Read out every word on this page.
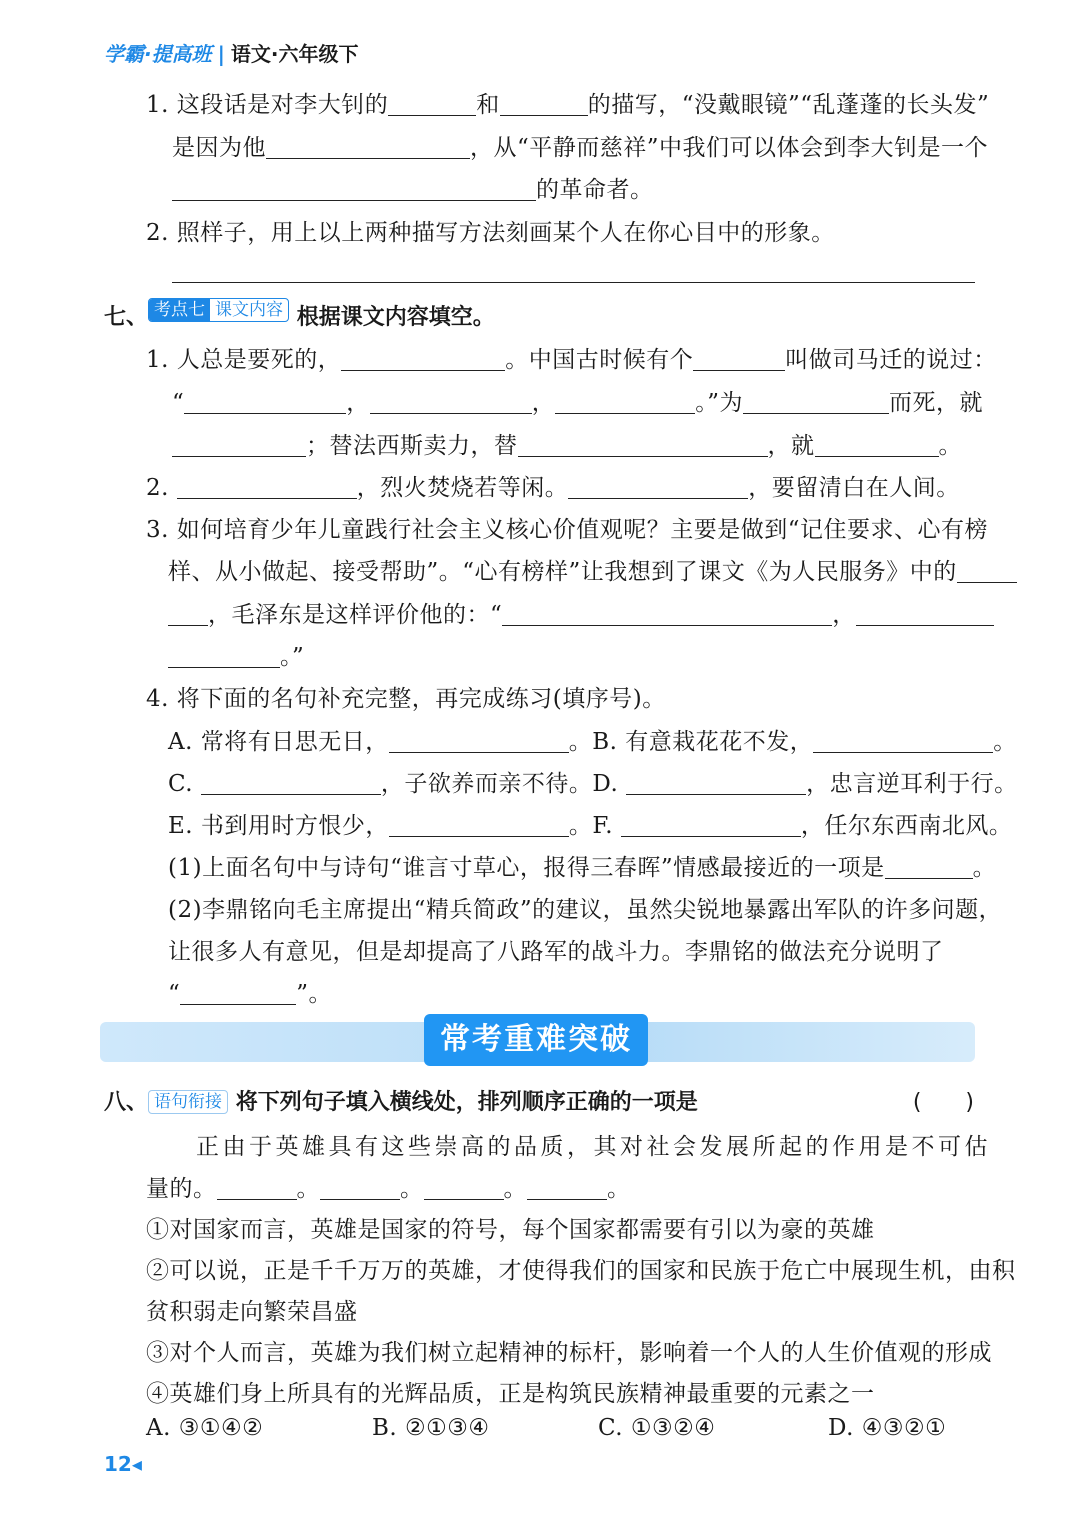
学霸·提高班 | 语文·六年级下
1. 这段话是对李大钊的	和	的描写，“没戴眼镜”“乱蓬蓬的长头发”
是因为他	，从“平静而慈祥”中我们可以体会到李大钊是一个
的革命者。
2. 照样子，用上以上两种描写方法刻画某个人在你心目中的形象。
七、 考点七 课文内容 根据课文内容填空。
1. 人总是要死的，	。中国古时候有个	叫做司马迁的说过：
“	，	，	。”为	而死，就
；替法西斯卖力，替	，就	。
2.	，烈火焚烧若等闲。	，要留清白在人间。
3. 如何培育少年儿童践行社会主义核心价值观呢？主要是做到“记住要求、心有榜
样、从小做起、接受帮助”。“心有榜样”让我想到了课文《为人民服务》中的
，毛泽东是这样评价他的：“	，
。”
4. 将下面的名句补充完整，再完成练习(填序号)。
A. 常将有日思无日，	。B. 有意栽花花不发，	。
C.	，子欲养而亲不待。D.	，忠言逆耳利于行。
E. 书到用时方恨少，	。F.	，任尔东西南北风。
(1)上面名句中与诗句“谁言寸草心，报得三春晖”情感最接近的一项是	。
(2)李鼎铭向毛主席提出“精兵简政”的建议，虽然尖锐地暴露出军队的许多问题，
让很多人有意见，但是却提高了八路军的战斗力。李鼎铭的做法充分说明了
“	”。
常考重难突破
八、 语句衔接 将下列句子填入横线处，排列顺序正确的一项是	(　　)
正由于英雄具有这些崇高的品质，其对社会发展所起的作用是不可估
量的。	。	。	。	。
①对国家而言，英雄是国家的符号，每个国家都需要有引以为豪的英雄
②可以说，正是千千万万的英雄，才使得我们的国家和民族于危亡中展现生机，由积
贫积弱走向繁荣昌盛
③对个人而言，英雄为我们树立起精神的标杆，影响着一个人的人生价值观的形成
④英雄们身上所具有的光辉品质，正是构筑民族精神最重要的元素之一
A. ③①④②	B. ②①③④	C. ①③②④	D. ④③②①
12◂
